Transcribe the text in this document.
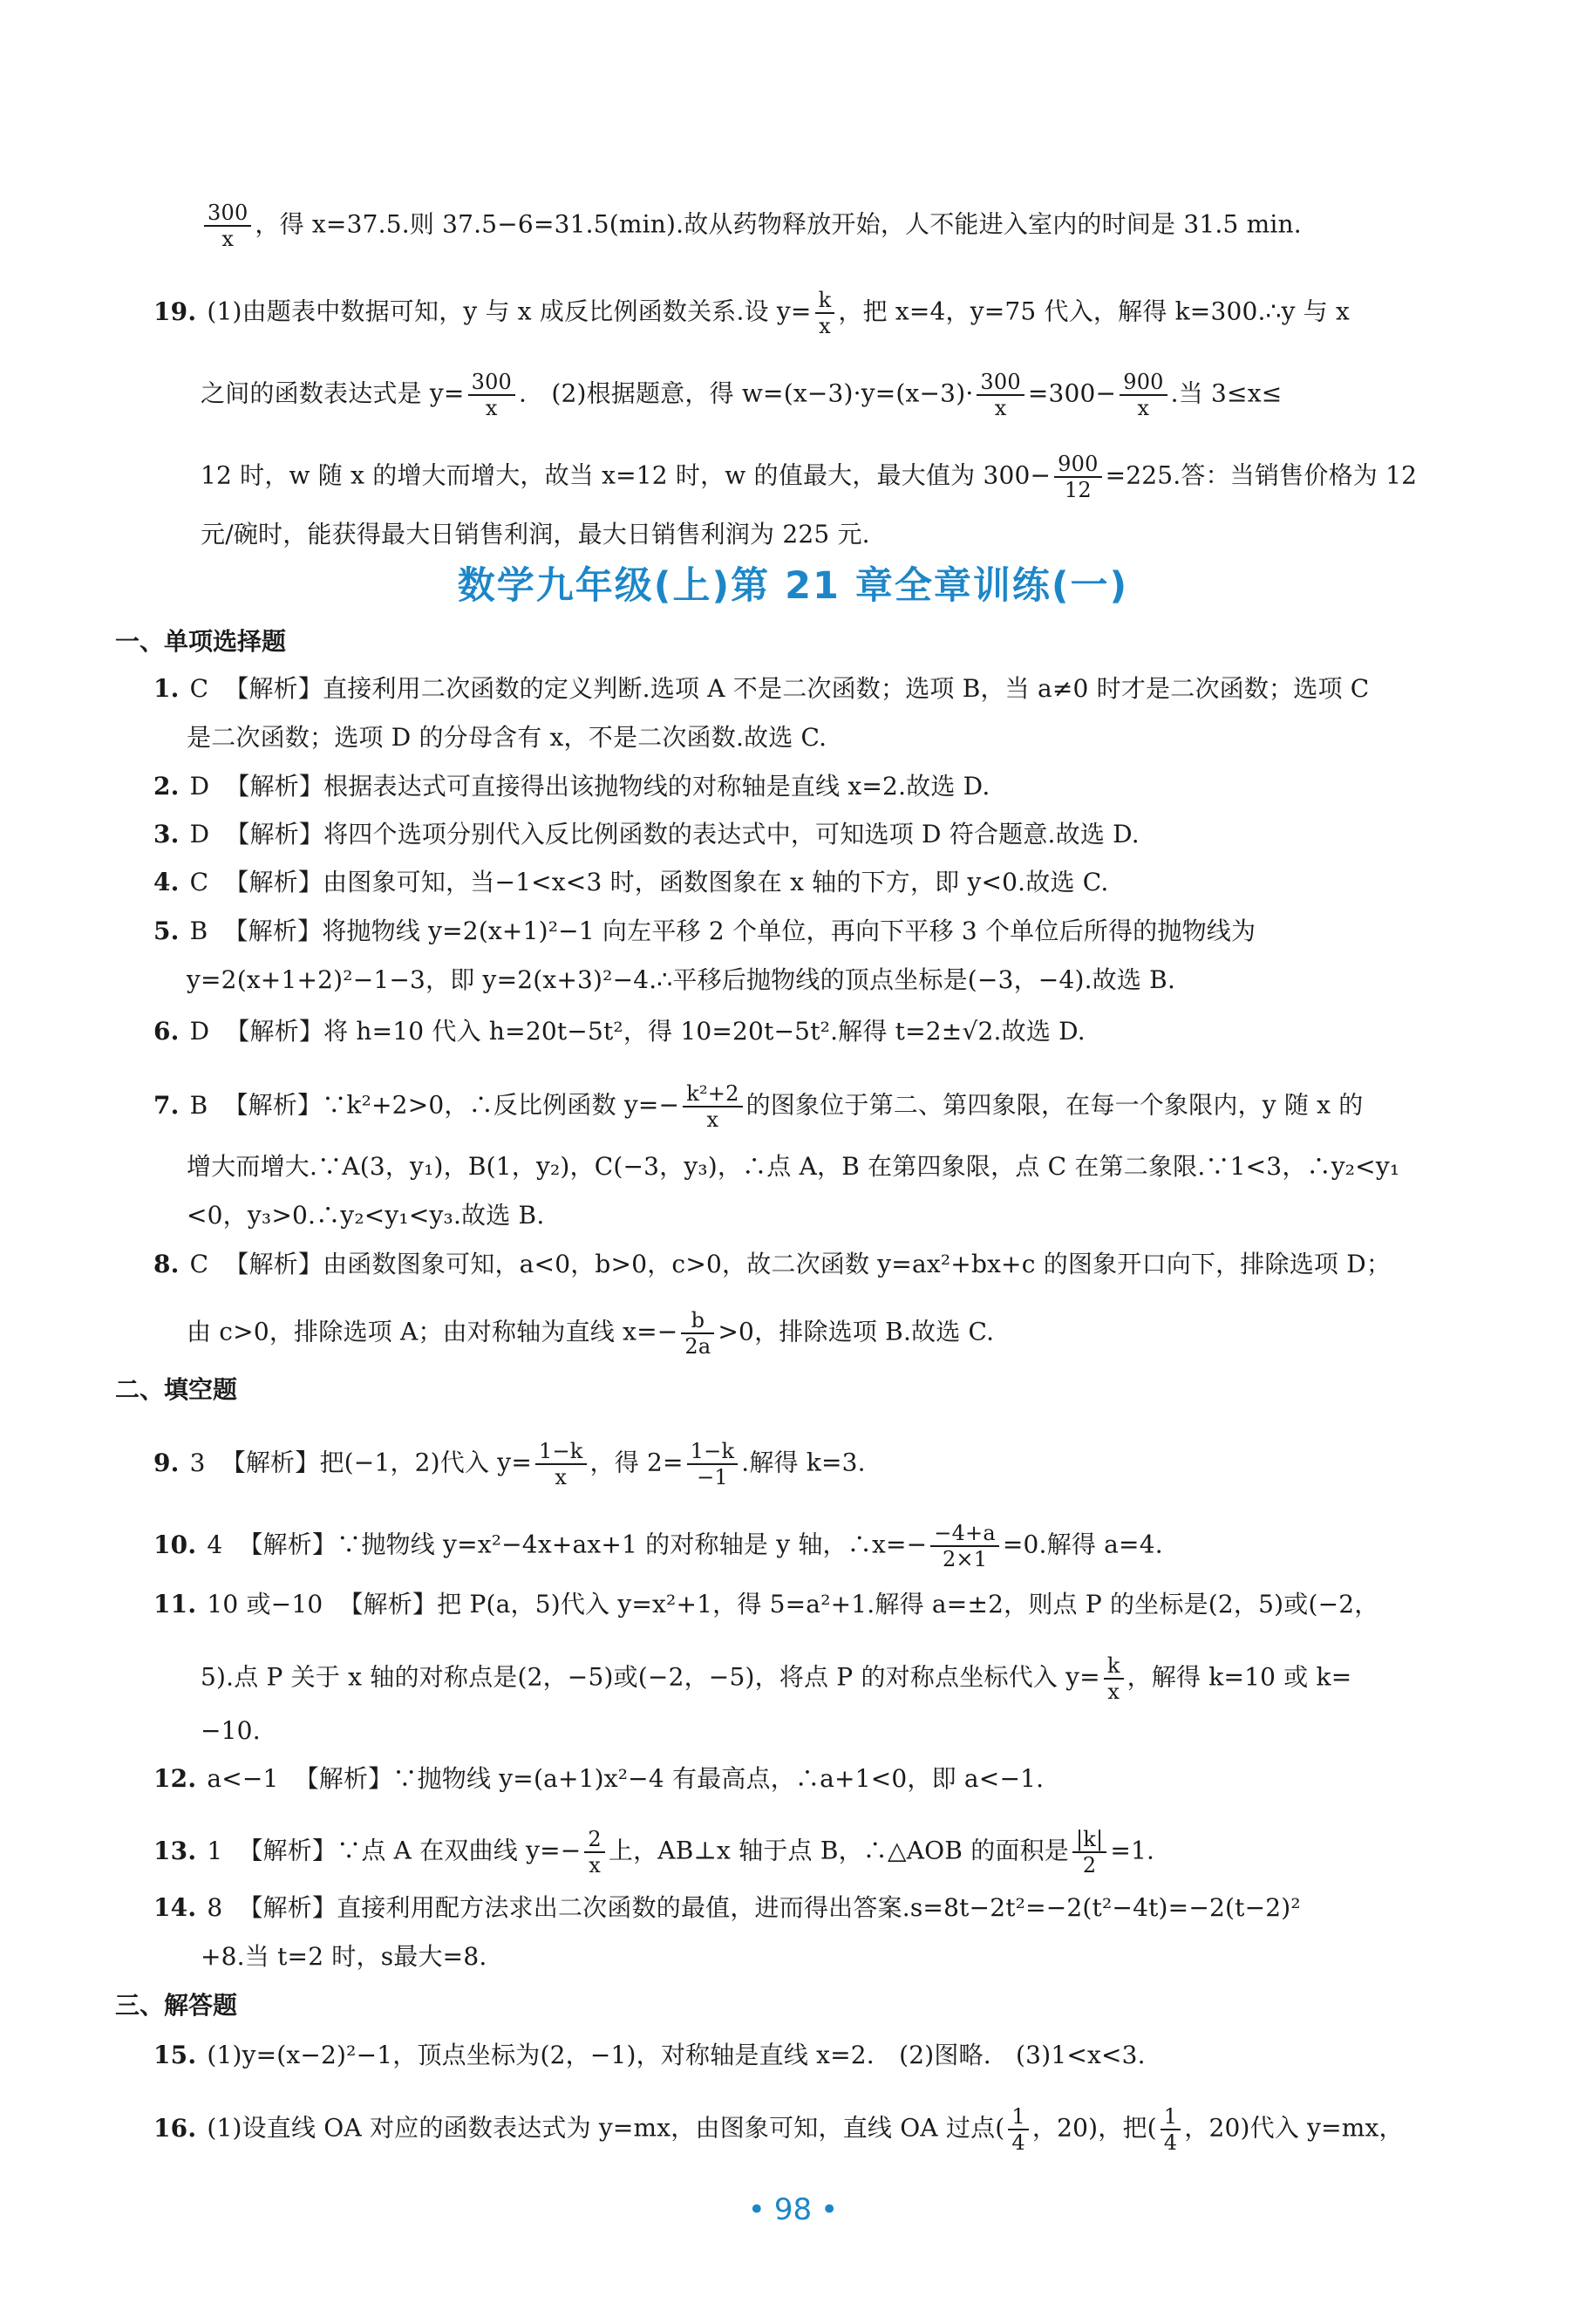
$\frac{300}{x}$ ，得 x=37.5.则 37.5−6=31.5(min).故从药物释放开始，人不能进入室内的时间是 31.5 min.
19. (1)由题表中数据可知，y 与 x 成反比例函数关系.设 $y= \frac{k}{x}$ ，把 x=4，y=75 代入，解得 k=300.∴y 与 x
之间的函数表达式是 $y= \frac{300}{x}$ .　(2)根据题意，得 $w=(x-3)\cdot y=(x-3)\cdot \frac{300}{x} =300- \frac{900}{x}$ .当 3≤x≤
12 时，w 随 x 的增大而增大，故当 x=12 时，w 的值最大，最大值为 $300- \frac{900}{12} =225$.答：当销售价格为 12
元/碗时，能获得最大日销售利润，最大日销售利润为 225 元.
数学九年级(上)第 21 章全章训练(一)
一、单项选择题
1. C 【解析】直接利用二次函数的定义判断.选项 A 不是二次函数；选项 B，当 a≠0 时才是二次函数；选项 C
是二次函数；选项 D 的分母含有 x，不是二次函数.故选 C.
2. D 【解析】根据表达式可直接得出该抛物线的对称轴是直线 x=2.故选 D.
3. D 【解析】将四个选项分别代入反比例函数的表达式中，可知选项 D 符合题意.故选 D.
4. C 【解析】由图象可知，当−1<x<3 时，函数图象在 x 轴的下方，即 y<0.故选 C.
5. B 【解析】将抛物线 y=2(x+1)²−1 向左平移 2 个单位，再向下平移 3 个单位后所得的抛物线为
y=2(x+1+2)²−1−3，即 y=2(x+3)²−4.∴平移后抛物线的顶点坐标是(−3，−4).故选 B.
6. D 【解析】将 h=10 代入 h=20t−5t²，得 10=20t−5t².解得 t=2±√2.故选 D.
7. B 【解析】∵k²+2>0，∴反比例函数 $y=- \frac{\text{k²+2}}{x}$ 的图象位于第二、第四象限，在每一个象限内，y 随 x 的
增大而增大.∵A(3，y₁)，B(1，y₂)，C(−3，y₃)，∴点 A，B 在第四象限，点 C 在第二象限.∵1<3，∴y₂<y₁
<0，y₃>0.∴y₂<y₁<y₃.故选 B.
8. C 【解析】由函数图象可知，a<0，b>0，c>0，故二次函数 y=ax²+bx+c 的图象开口向下，排除选项 D；
由 c>0，排除选项 A；由对称轴为直线 $x=- \frac{b}{2a} >0$，排除选项 B.故选 C.
二、填空题
9. 3 【解析】把(−1，2)代入 $y= \frac{1-k}{x}$ ，得 $2= \frac{1-k}{-1}$ .解得 k=3.
10. 4 【解析】∵抛物线 y=x²−4x+ax+1 的对称轴是 y 轴，∴x=− $\frac{-4+a}{2\times 1} =0$.解得 a=4.
11. 10 或−10 【解析】把 P(a，5)代入 y=x²+1，得 5=a²+1.解得 a=±2，则点 P 的坐标是(2，5)或(−2，
5).点 P 关于 x 轴的对称点是(2，−5)或(−2，−5)，将点 P 的对称点坐标代入 $y= \frac{k}{x}$ ，解得 k=10 或 k=
−10.
12. a<−1 【解析】∵抛物线 y=(a+1)x²−4 有最高点，∴a+1<0，即 a<−1.
13. 1 【解析】∵点 A 在双曲线 $y=- \frac{2}{x}$ 上，AB⊥x 轴于点 B，∴△AOB 的面积是 $\frac{|k|}{2} =1$.
14. 8 【解析】直接利用配方法求出二次函数的最值，进而得出答案.s=8t−2t²=−2(t²−4t)=−2(t−2)²
+8.当 t=2 时，s最大=8.
三、解答题
15. (1)y=(x−2)²−1，顶点坐标为(2，−1)，对称轴是直线 x=2.　(2)图略.　(3)1<x<3.
16. (1)设直线 OA 对应的函数表达式为 y=mx，由图象可知，直线 OA 过点( $\frac{1}{4}$ ，20)，把( $\frac{1}{4}$ ，20)代入 y=mx，
• 98 •
